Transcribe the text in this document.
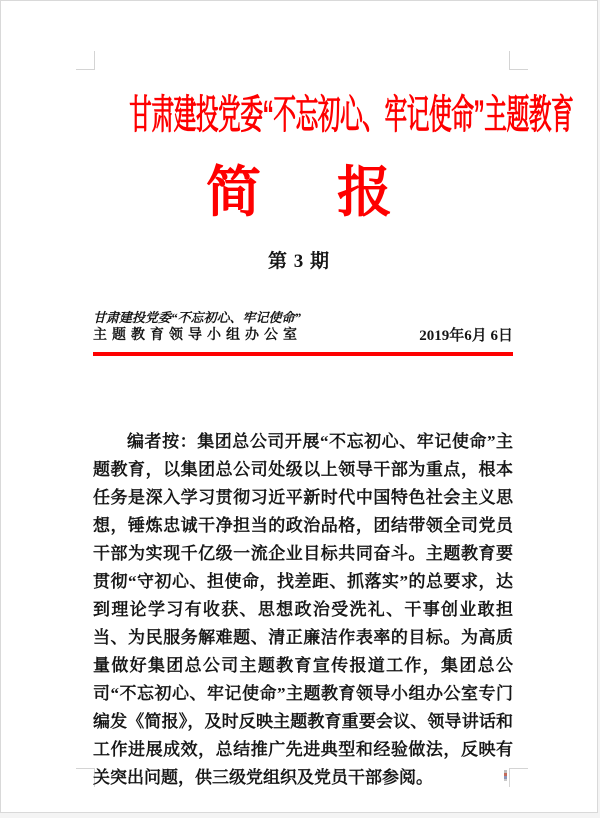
甘肃建投党委“不忘初心、牢记使命”主题教育
简 报
第 3 期
甘肃建投党委“不忘初心、牢记使命”
主题教育领导小组办公室	2019年6月 6日

编者按：集团总公司开展“不忘初心、牢记使命”主题教育，以集团总公司处级以上领导干部为重点，根本任务是深入学习贯彻习近平新时代中国特色社会主义思想，锤炼忠诚干净担当的政治品格，团结带领全司党员干部为实现千亿级一流企业目标共同奋斗。主题教育要贯彻“守初心、担使命，找差距、抓落实”的总要求，达到理论学习有收获、思想政治受洗礼、干事创业敢担当、为民服务解难题、清正廉洁作表率的目标。为高质量做好集团总公司主题教育宣传报道工作，集团总公司“不忘初心、牢记使命”主题教育领导小组办公室专门编发《简报》，及时反映主题教育重要会议、领导讲话和工作进展成效，总结推广先进典型和经验做法，反映有关突出问题，供三级党组织及党员干部参阅。
